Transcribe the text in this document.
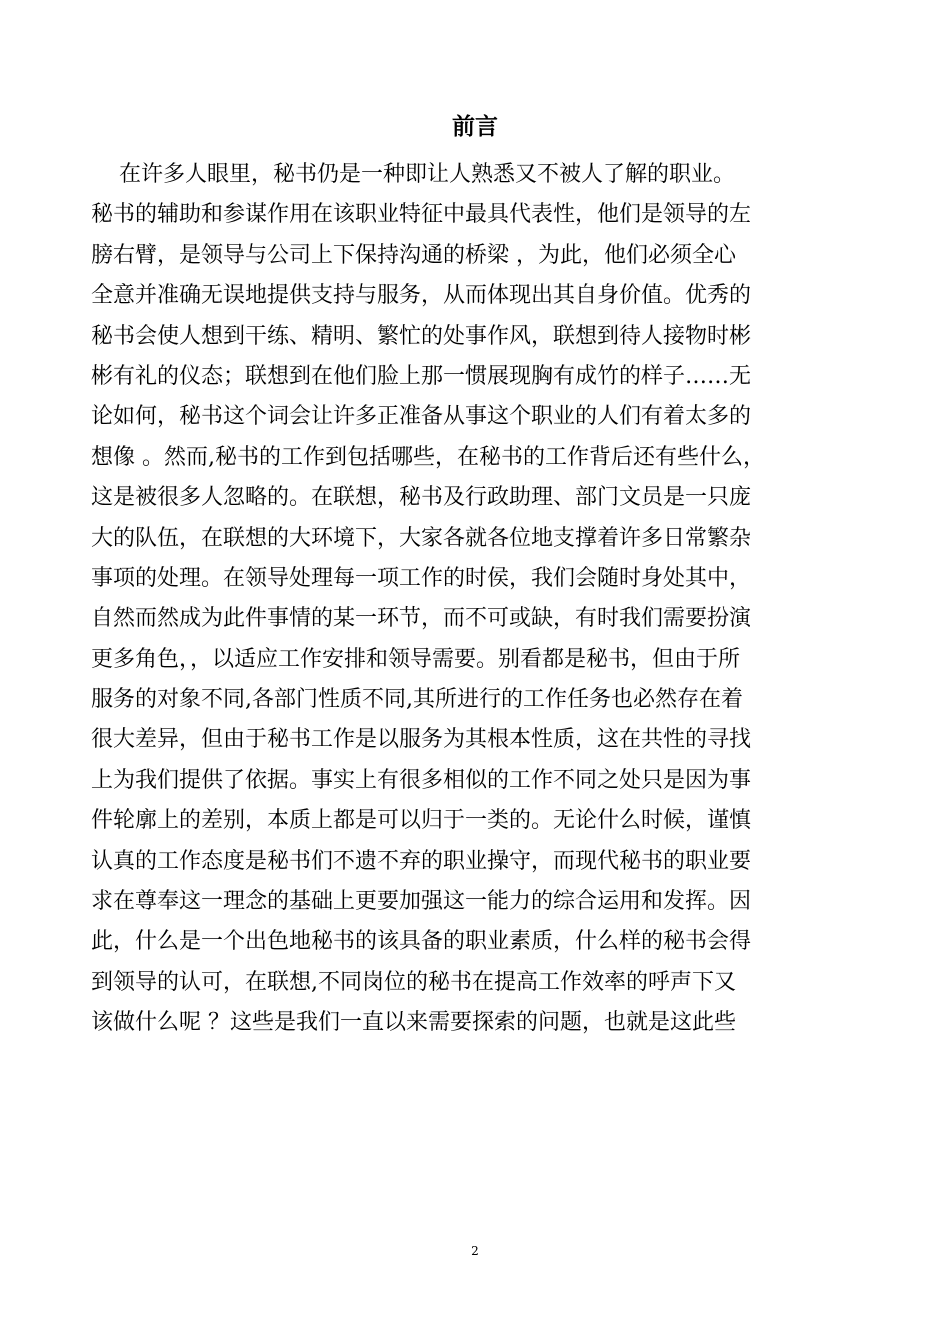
前言
在许多人眼里，秘书仍是一种即让人熟悉又不被人了解的职业。
秘书的辅助和参谋作用在该职业特征中最具代表性，他们是领导的左
膀右臂，是领导与公司上下保持沟通的桥梁 ，为此，他们必须全心
全意并准确无误地提供支持与服务，从而体现出其自身价值。优秀的
秘书会使人想到干练、精明、繁忙的处事作风，联想到待人接物时彬
彬有礼的仪态；联想到在他们脸上那一惯展现胸有成竹的样子……无
论如何，秘书这个词会让许多正准备从事这个职业的人们有着太多的
想像 。然而,秘书的工作到包括哪些，在秘书的工作背后还有些什么，
这是被很多人忽略的。在联想，秘书及行政助理、部门文员是一只庞
大的队伍，在联想的大环境下，大家各就各位地支撑着许多日常繁杂
事项的处理。在领导处理每一项工作的时侯，我们会随时身处其中，
自然而然成为此件事情的某一环节，而不可或缺，有时我们需要扮演
更多角色，，以适应工作安排和领导需要。别看都是秘书，但由于所
服务的对象不同,各部门性质不同,其所进行的工作任务也必然存在着
很大差异，但由于秘书工作是以服务为其根本性质，这在共性的寻找
上为我们提供了依据。事实上有很多相似的工作不同之处只是因为事
件轮廓上的差别，本质上都是可以归于一类的。无论什么时候，谨慎
认真的工作态度是秘书们不遗不弃的职业操守，而现代秘书的职业要
求在尊奉这一理念的基础上更要加强这一能力的综合运用和发挥。因
此，什么是一个出色地秘书的该具备的职业素质，什么样的秘书会得
到领导的认可，在联想,不同岗位的秘书在提高工作效率的呼声下又
该做什么呢 ？这些是我们一直以来需要探索的问题，也就是这此些
2
